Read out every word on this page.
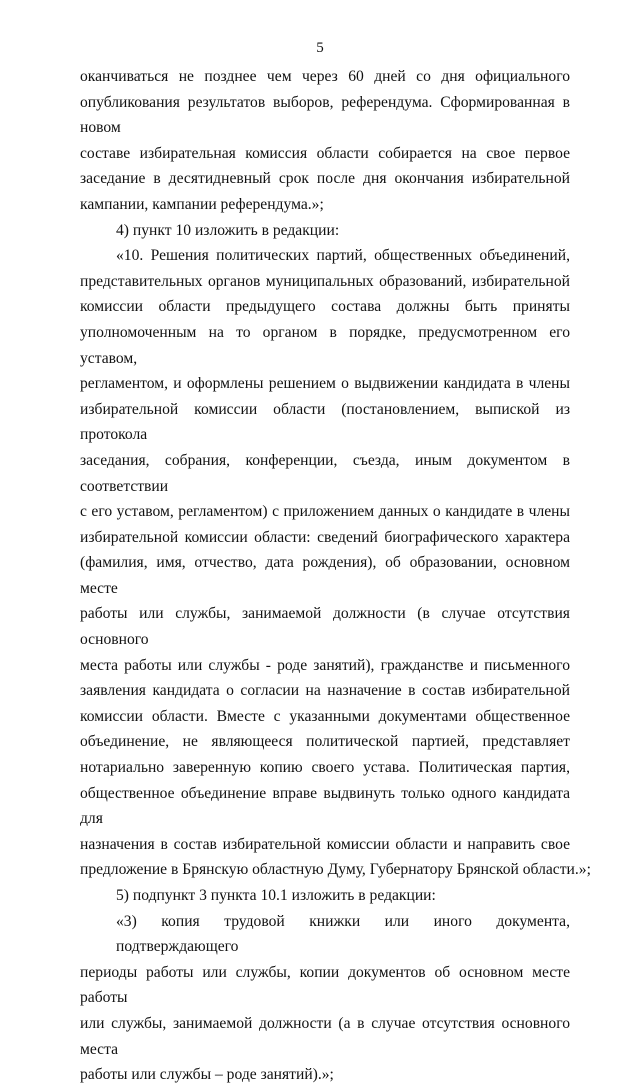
5
оканчиваться не позднее чем через 60 дней со дня официального
опубликования результатов выборов, референдума. Сформированная в новом
составе избирательная комиссия области собирается на свое первое
заседание в десятидневный срок после дня окончания избирательной
кампании, кампании референдума.»;
4) пункт 10 изложить в редакции:
«10. Решения политических партий, общественных объединений,
представительных органов муниципальных образований, избирательной
комиссии области предыдущего состава должны быть приняты
уполномоченным на то органом в порядке, предусмотренном его уставом,
регламентом, и оформлены решением о выдвижении кандидата в члены
избирательной комиссии области (постановлением, выпиской из протокола
заседания, собрания, конференции, съезда, иным документом в соответствии
с его уставом, регламентом) с приложением данных о кандидате в члены
избирательной комиссии области: сведений биографического характера
(фамилия, имя, отчество, дата рождения), об образовании, основном месте
работы или службы, занимаемой должности (в случае отсутствия основного
места работы или службы - роде занятий), гражданстве и письменного
заявления кандидата о согласии на назначение в состав избирательной
комиссии области. Вместе с указанными документами общественное
объединение, не являющееся политической партией, представляет
нотариально заверенную копию своего устава. Политическая партия,
общественное объединение вправе выдвинуть только одного кандидата для
назначения в состав избирательной комиссии области и направить свое
предложение в Брянскую областную Думу, Губернатору Брянской области.»;
5) подпункт 3 пункта 10.1 изложить в редакции:
«3) копия трудовой книжки или иного документа, подтверждающего
периоды работы или службы, копии документов об основном месте работы
или службы, занимаемой должности (а в случае отсутствия основного места
работы или службы – роде занятий).»;
